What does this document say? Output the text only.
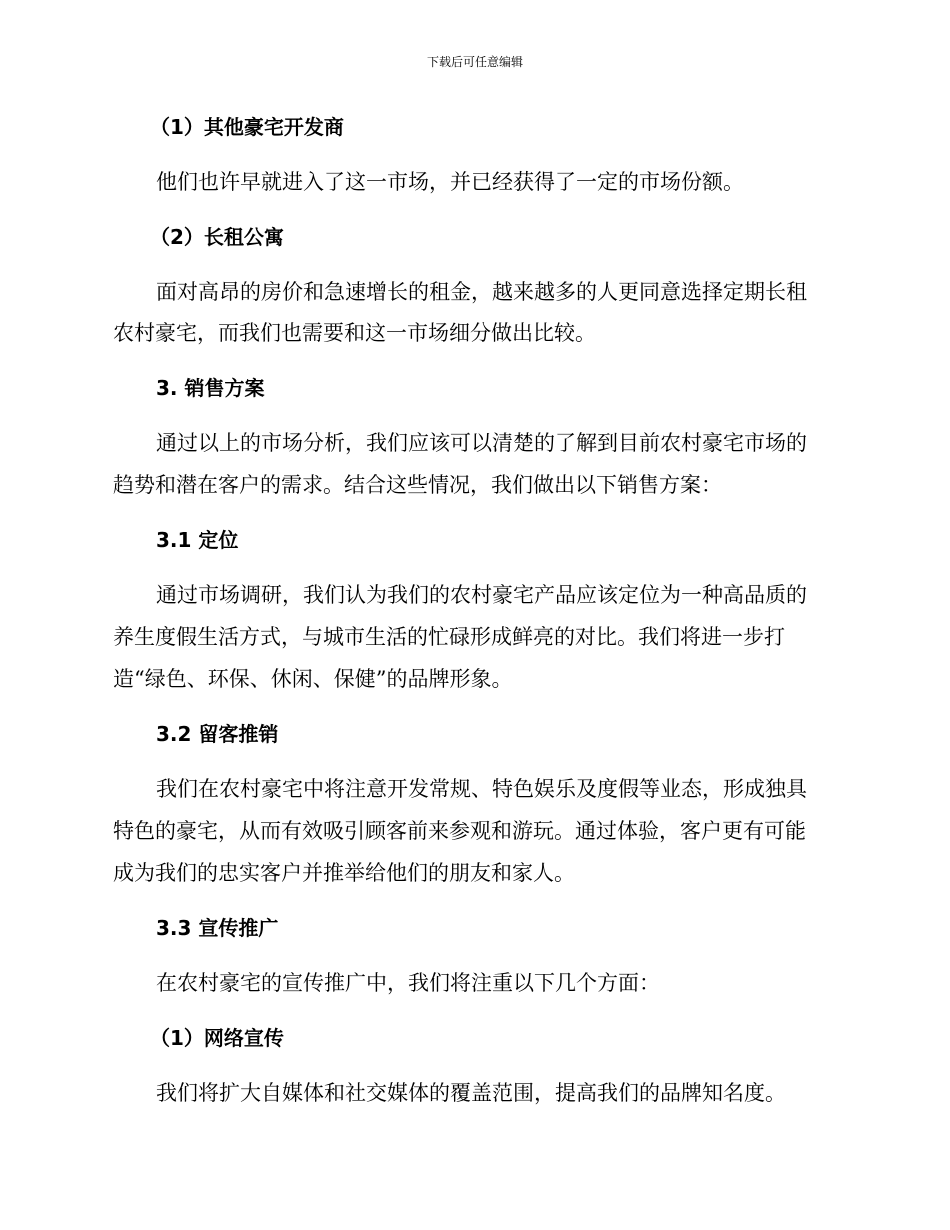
下载后可任意编辑
（1）其他豪宅开发商
他们也许早就进入了这一市场，并已经获得了一定的市场份额。
（2）长租公寓
面对高昂的房价和急速增长的租金，越来越多的人更同意选择定期长租
农村豪宅，而我们也需要和这一市场细分做出比较。
3. 销售方案
通过以上的市场分析，我们应该可以清楚的了解到目前农村豪宅市场的
趋势和潜在客户的需求。结合这些情况，我们做出以下销售方案：
3.1 定位
通过市场调研，我们认为我们的农村豪宅产品应该定位为一种高品质的
养生度假生活方式，与城市生活的忙碌形成鲜亮的对比。我们将进一步打
造“绿色、环保、休闲、保健”的品牌形象。
3.2 留客推销
我们在农村豪宅中将注意开发常规、特色娱乐及度假等业态，形成独具
特色的豪宅，从而有效吸引顾客前来参观和游玩。通过体验，客户更有可能
成为我们的忠实客户并推举给他们的朋友和家人。
3.3 宣传推广
在农村豪宅的宣传推广中，我们将注重以下几个方面：
（1）网络宣传
我们将扩大自媒体和社交媒体的覆盖范围，提高我们的品牌知名度。
